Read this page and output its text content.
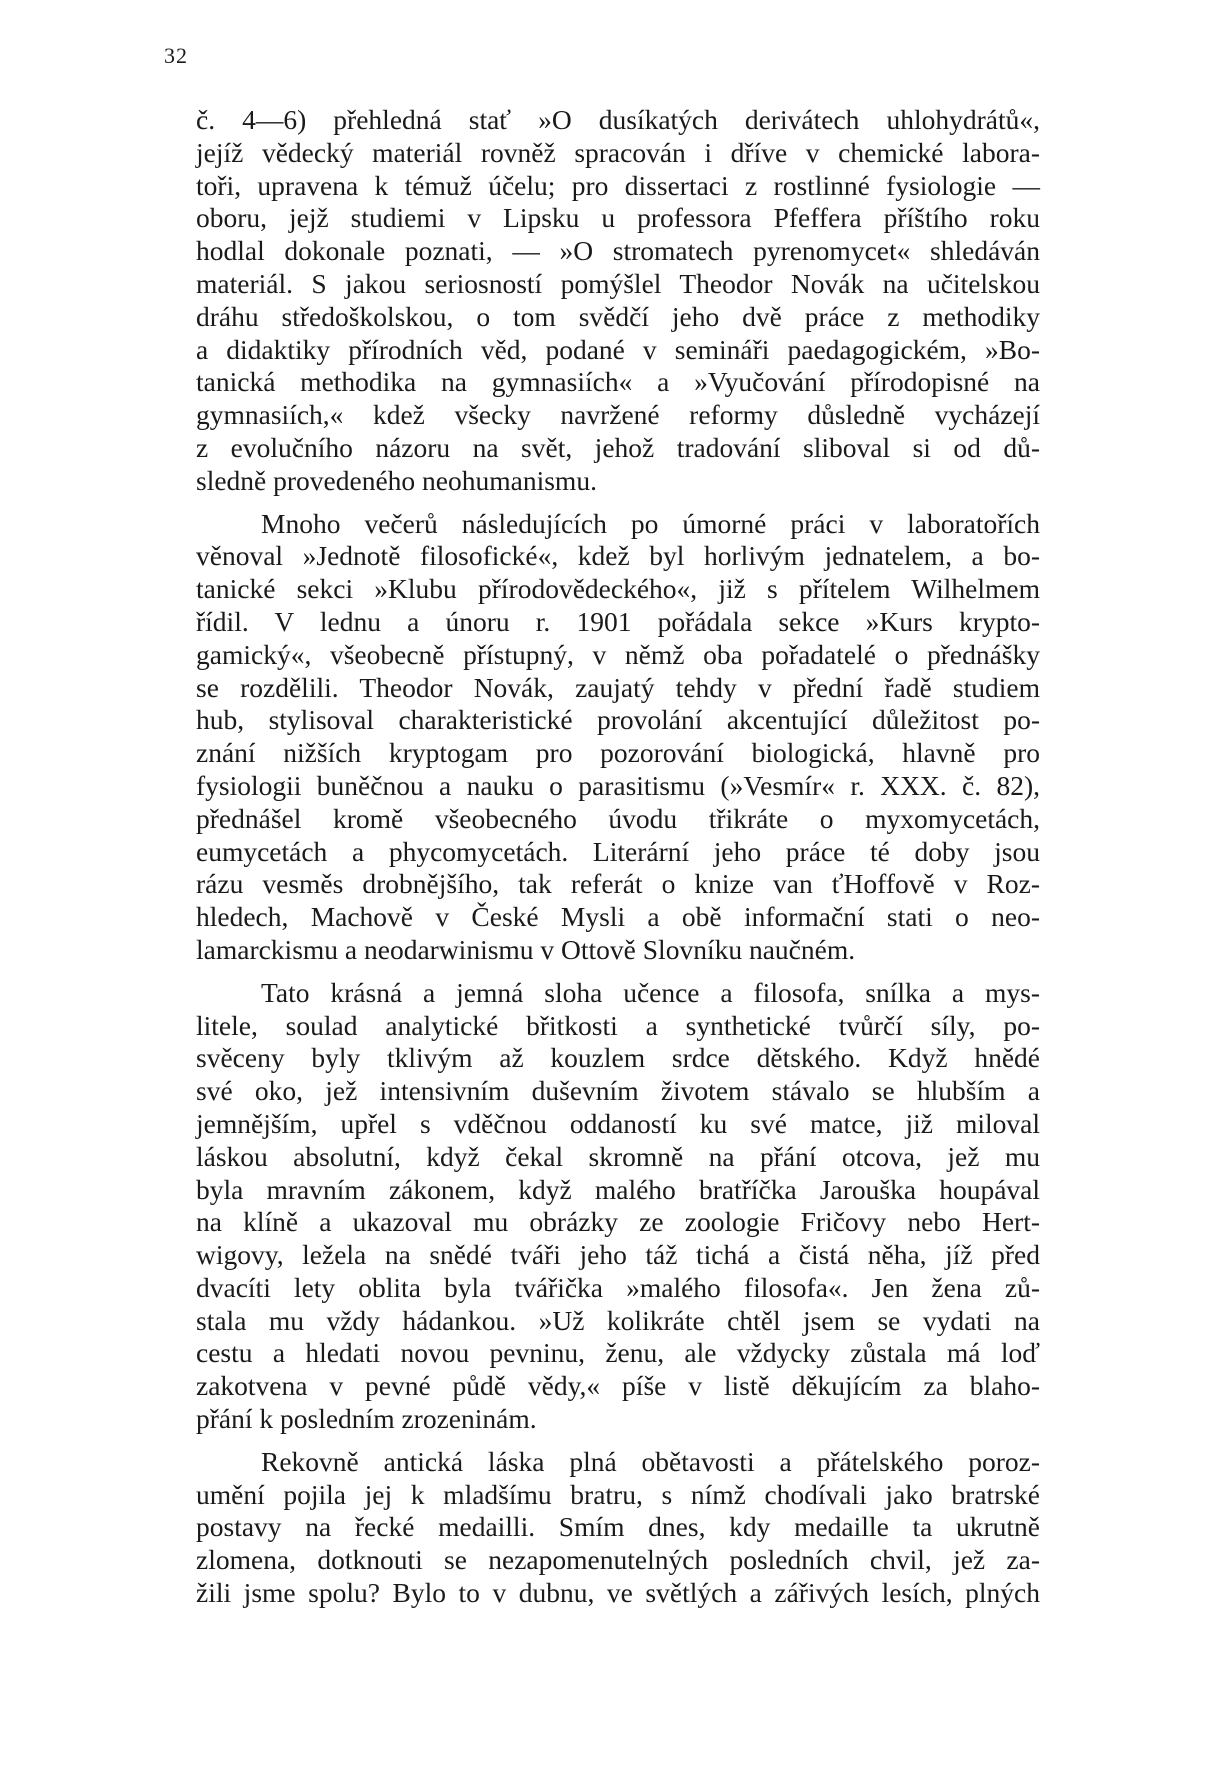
32
č. 4—6) přehledná stať »O dusíkatých derivátech uhlohydrátů«,
jejíž vědecký materiál rovněž spracován i dříve v chemické labora-
toři, upravena k témuž účelu; pro dissertaci z rostlinné fysiologie —
oboru, jejž studiemi v Lipsku u professora Pfeffera příštího roku
hodlal dokonale poznati, — »O stromatech pyrenomycet« shledáván
materiál. S jakou seriosností pomýšlel Theodor Novák na učitelskou
dráhu středoškolskou, o tom svědčí jeho dvě práce z methodiky
a didaktiky přírodních věd, podané v semináři paedagogickém, »Bo-
tanická methodika na gymnasiích« a »Vyučování přírodopisné na
gymnasiích,« kdež všecky navržené reformy důsledně vycházejí
z evolučního názoru na svět, jehož tradování sliboval si od dů-
sledně provedeného neohumanismu.
Mnoho večerů následujících po úmorné práci v laboratořích
věnoval »Jednotě filosofické«, kdež byl horlivým jednatelem, a bo-
tanické sekci »Klubu přírodovědeckého«, již s přítelem Wilhelmem
řídil. V lednu a únoru r. 1901 pořádala sekce »Kurs krypto-
gamický«, všeobecně přístupný, v němž oba pořadatelé o přednášky
se rozdělili. Theodor Novák, zaujatý tehdy v přední řadě studiem
hub, stylisoval charakteristické provolání akcentující důležitost po-
znání nižších kryptogam pro pozorování biologická, hlavně pro
fysiologii buněčnou a nauku o parasitismu (»Vesmír« r. XXX. č. 82),
přednášel kromě všeobecného úvodu třikráte o myxomycetách,
eumycetách a phycomycetách. Literární jeho práce té doby jsou
rázu vesměs drobnějšího, tak referát o knize van ťHoffově v Roz-
hledech, Machově v České Mysli a obě informační stati o neo-
lamarckismu a neodarwinismu v Ottově Slovníku naučném.
Tato krásná a jemná sloha učence a filosofa, snílka a mys-
litele, soulad analytické břitkosti a synthetické tvůrčí síly, po-
svěceny byly tklivým až kouzlem srdce dětského. Když hnědé
své oko, jež intensivním duševním životem stávalo se hlubším a
jemnějším, upřel s vděčnou oddaností ku své matce, již miloval
láskou absolutní, když čekal skromně na přání otcova, jež mu
byla mravním zákonem, když malého bratříčka Jarouška houpával
na klíně a ukazoval mu obrázky ze zoologie Fričovy nebo Hert-
wigovy, ležela na snědé tváři jeho táž tichá a čistá něha, jíž před
dvacíti lety oblita byla tvářička »malého filosofa«. Jen žena zů-
stala mu vždy hádankou. »Už kolikráte chtěl jsem se vydati na
cestu a hledati novou pevninu, ženu, ale vždycky zůstala má loď
zakotvena v pevné půdě vědy,« píše v listě děkujícím za blaho-
přání k posledním zrozeninám.
Rekovně antická láska plná obětavosti a přátelského poroz-
umění pojila jej k mladšímu bratru, s nímž chodívali jako bratrské
postavy na řecké medailli. Smím dnes, kdy medaille ta ukrutně
zlomena, dotknouti se nezapomenutelných posledních chvil, jež za-
žili jsme spolu? Bylo to v dubnu, ve světlých a zářivých lesích, plných
